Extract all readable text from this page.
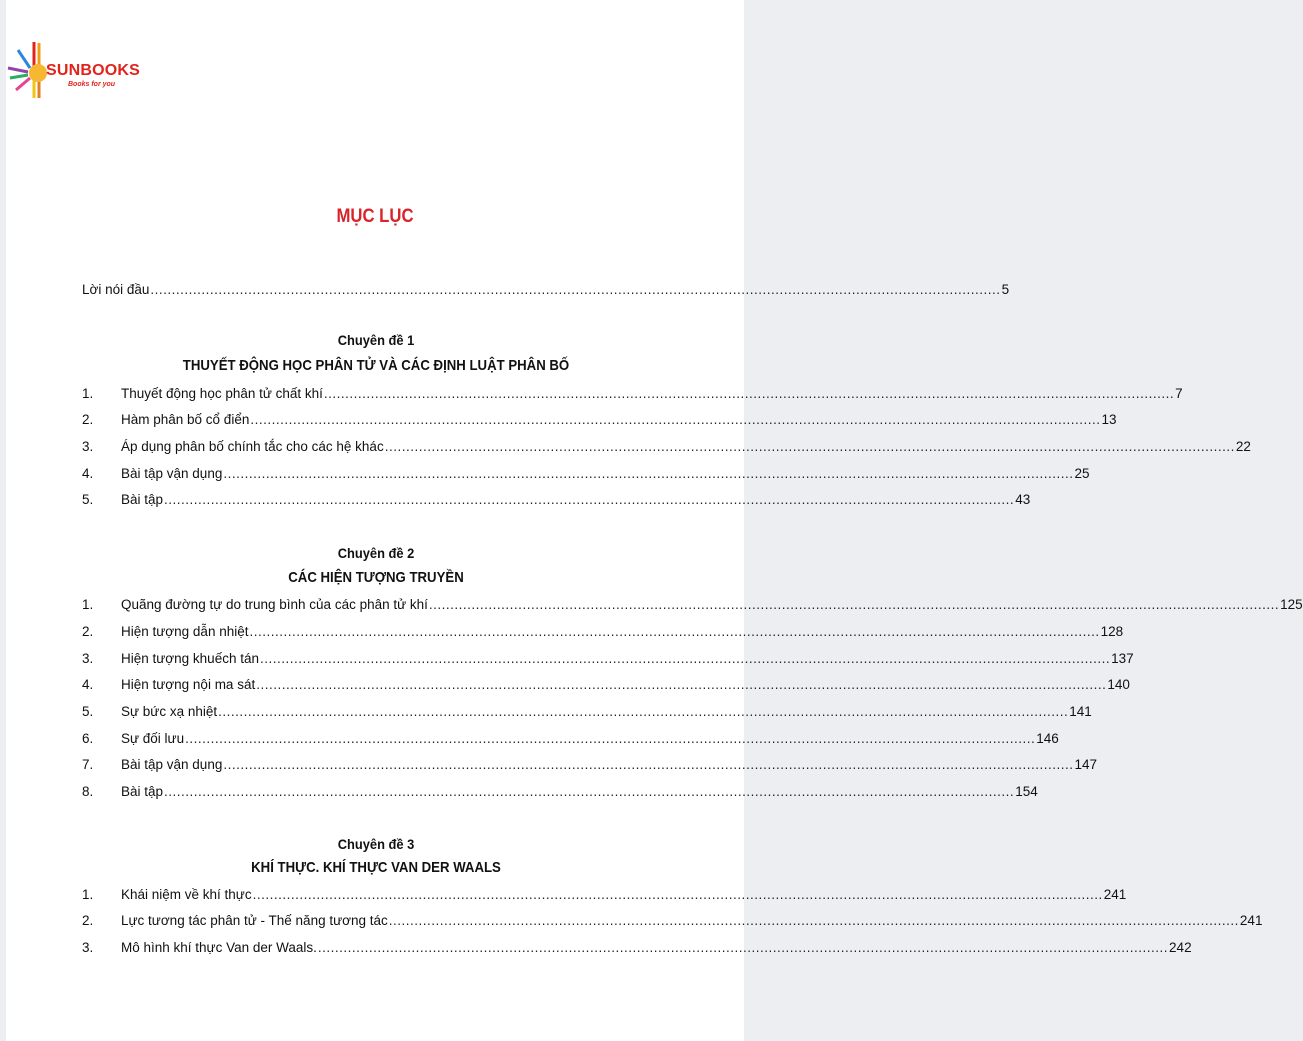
SUNBOOKS
Books for you
MỤC LỤC
Lời nói đầu ........................................................................................................................................................................................................ 5
Chuyên đề 1
THUYẾT ĐỘNG HỌC PHÂN TỬ VÀ CÁC ĐỊNH LUẬT PHÂN BỐ
1.	Thuyết động học phân tử chất khí ........................................................................................................................................................................................................ 7
2.	Hàm phân bố cổ điển ........................................................................................................................................................................................................ 13
3.	Áp dụng phân bố chính tắc cho các hệ khác ........................................................................................................................................................................................................ 22
4.	Bài tập vận dụng ........................................................................................................................................................................................................ 25
5.	Bài tập ........................................................................................................................................................................................................ 43
Chuyên đề 2
CÁC HIỆN TƯỢNG TRUYỀN
1.	Quãng đường tự do trung bình của các phân tử khí ........................................................................................................................................................................................................ 125
2.	Hiện tượng dẫn nhiệt ........................................................................................................................................................................................................ 128
3.	Hiện tượng khuếch tán ........................................................................................................................................................................................................ 137
4.	Hiện tượng nội ma sát ........................................................................................................................................................................................................ 140
5.	Sự bức xạ nhiệt ........................................................................................................................................................................................................ 141
6.	Sự đối lưu ........................................................................................................................................................................................................ 146
7.	Bài tập vận dụng ........................................................................................................................................................................................................ 147
8.	Bài tập ........................................................................................................................................................................................................ 154
Chuyên đề 3
KHÍ THỰC. KHÍ THỰC VAN DER WAALS
1.	Khái niệm về khí thực ........................................................................................................................................................................................................ 241
2.	Lực tương tác phân tử - Thế năng tương tác ........................................................................................................................................................................................................ 241
3.	Mô hình khí thực Van der Waals. ........................................................................................................................................................................................................ 242
